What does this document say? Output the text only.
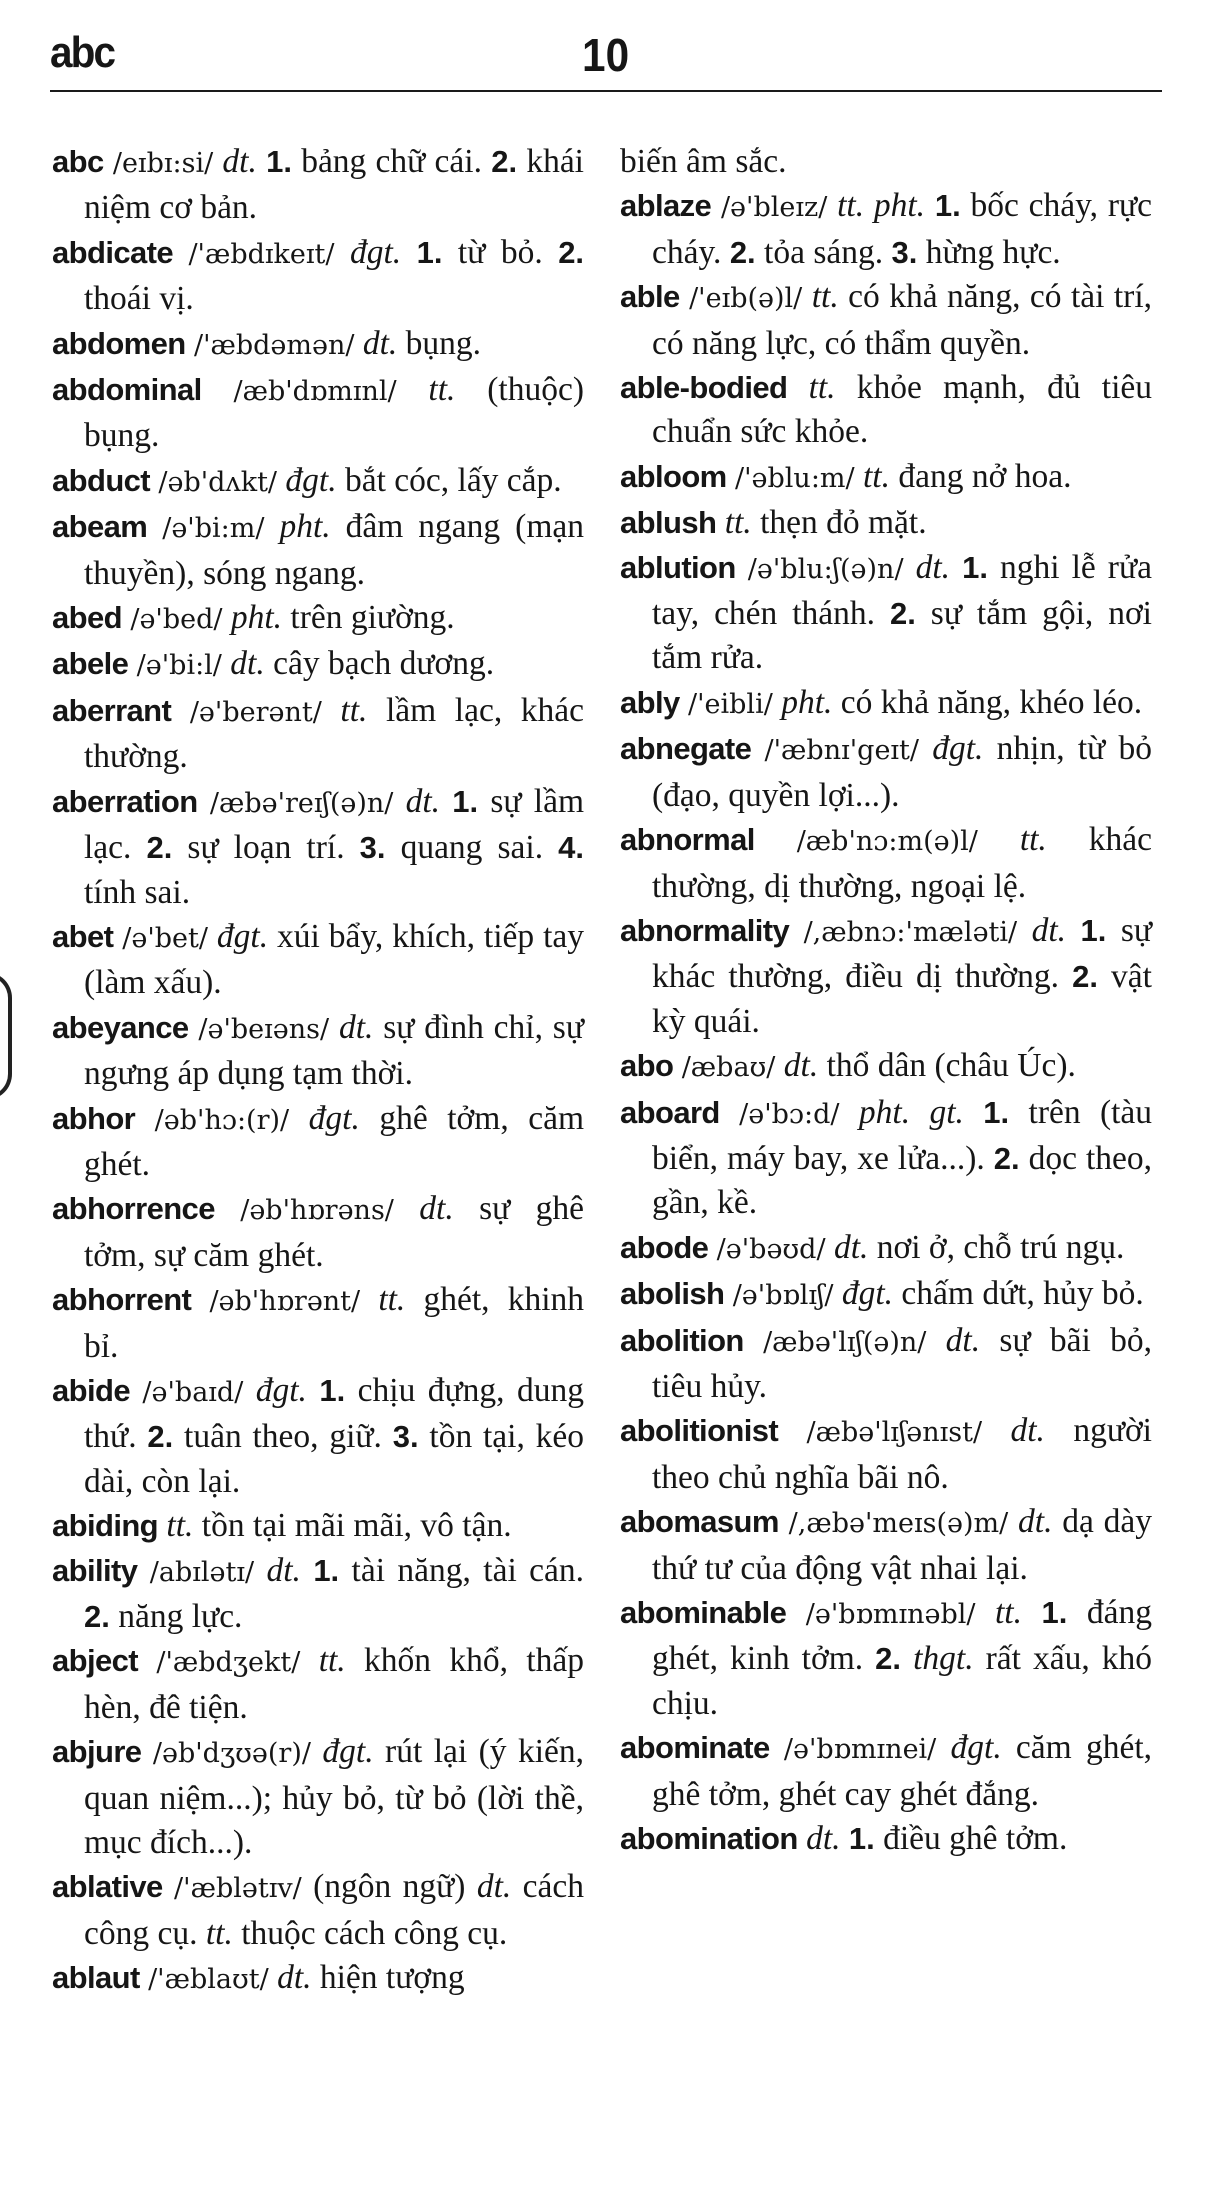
abc	10
abc /eɪbɪ:si/ dt. 1. bảng chữ cái. 2. khái niệm cơ bản.
abdicate /'æbdɪkeɪt/ đgt. 1. từ bỏ. 2. thoái vị.
abdomen /'æbdəmən/ dt. bụng.
abdominal /æb'dɒmɪnl/ tt. (thuộc) bụng.
abduct /əb'dʌkt/ đgt. bắt cóc, lấy cắp.
abeam /ə'bi:m/ pht. đâm ngang (mạn thuyền), sóng ngang.
abed /ə'bed/ pht. trên giường.
abele /ə'bi:l/ dt. cây bạch dương.
aberrant /ə'berənt/ tt. lầm lạc, khác thường.
aberration /æbə'reɪʃ(ə)n/ dt. 1. sự lầm lạc. 2. sự loạn trí. 3. quang sai. 4. tính sai.
abet /ə'bet/ đgt. xúi bẩy, khích, tiếp tay (làm xấu).
abeyance /ə'beɪəns/ dt. sự đình chỉ, sự ngưng áp dụng tạm thời.
abhor /əb'hɔ:(r)/ đgt. ghê tởm, căm ghét.
abhorrence /əb'hɒrəns/ dt. sự ghê tởm, sự căm ghét.
abhorrent /əb'hɒrənt/ tt. ghét, khinh bỉ.
abide /ə'baɪd/ đgt. 1. chịu đựng, dung thứ. 2. tuân theo, giữ. 3. tồn tại, kéo dài, còn lại.
abiding tt. tồn tại mãi mãi, vô tận.
ability /abɪlətɪ/ dt. 1. tài năng, tài cán. 2. năng lực.
abject /'æbdʒekt/ tt. khốn khổ, thấp hèn, đê tiện.
abjure /əb'dʒʊə(r)/ đgt. rút lại (ý kiến, quan niệm...); hủy bỏ, từ bỏ (lời thề, mục đích...).
ablative /'æblətɪv/ (ngôn ngữ) dt. cách công cụ. tt. thuộc cách công cụ.
ablaut /'æblaʊt/ dt. hiện tượng
biến âm sắc.
ablaze /ə'bleɪz/ tt. pht. 1. bốc cháy, rực cháy. 2. tỏa sáng. 3. hừng hực.
able /'eɪb(ə)l/ tt. có khả năng, có tài trí, có năng lực, có thẩm quyền.
able-bodied tt. khỏe mạnh, đủ tiêu chuẩn sức khỏe.
abloom /'əblu:m/ tt. đang nở hoa.
ablush tt. thẹn đỏ mặt.
ablution /ə'blu:ʃ(ə)n/ dt. 1. nghi lễ rửa tay, chén thánh. 2. sự tắm gội, nơi tắm rửa.
ably /'eibli/ pht. có khả năng, khéo léo.
abnegate /'æbnɪ'geɪt/ đgt. nhịn, từ bỏ (đạo, quyền lợi...).
abnormal /æb'nɔ:m(ə)l/ tt. khác thường, dị thường, ngoại lệ.
abnormality /,æbnɔ:'mæləti/ dt. 1. sự khác thường, điều dị thường. 2. vật kỳ quái.
abo /æbaʊ/ dt. thổ dân (châu Úc).
aboard /ə'bɔ:d/ pht. gt. 1. trên (tàu biển, máy bay, xe lửa...). 2. dọc theo, gần, kề.
abode /ə'bəʊd/ dt. nơi ở, chỗ trú ngụ.
abolish /ə'bɒlɪʃ/ đgt. chấm dứt, hủy bỏ.
abolition /æbə'lɪʃ(ə)n/ dt. sự bãi bỏ, tiêu hủy.
abolitionist /æbə'lɪʃənɪst/ dt. người theo chủ nghĩa bãi nô.
abomasum /,æbə'meɪs(ə)m/ dt. dạ dày thứ tư của động vật nhai lại.
abominable /ə'bɒmɪnəbl/ tt. 1. đáng ghét, kinh tởm. 2. thgt. rất xấu, khó chịu.
abominate /ə'bɒmɪnei/ đgt. căm ghét, ghê tởm, ghét cay ghét đắng.
abomination dt. 1. điều ghê tởm.
